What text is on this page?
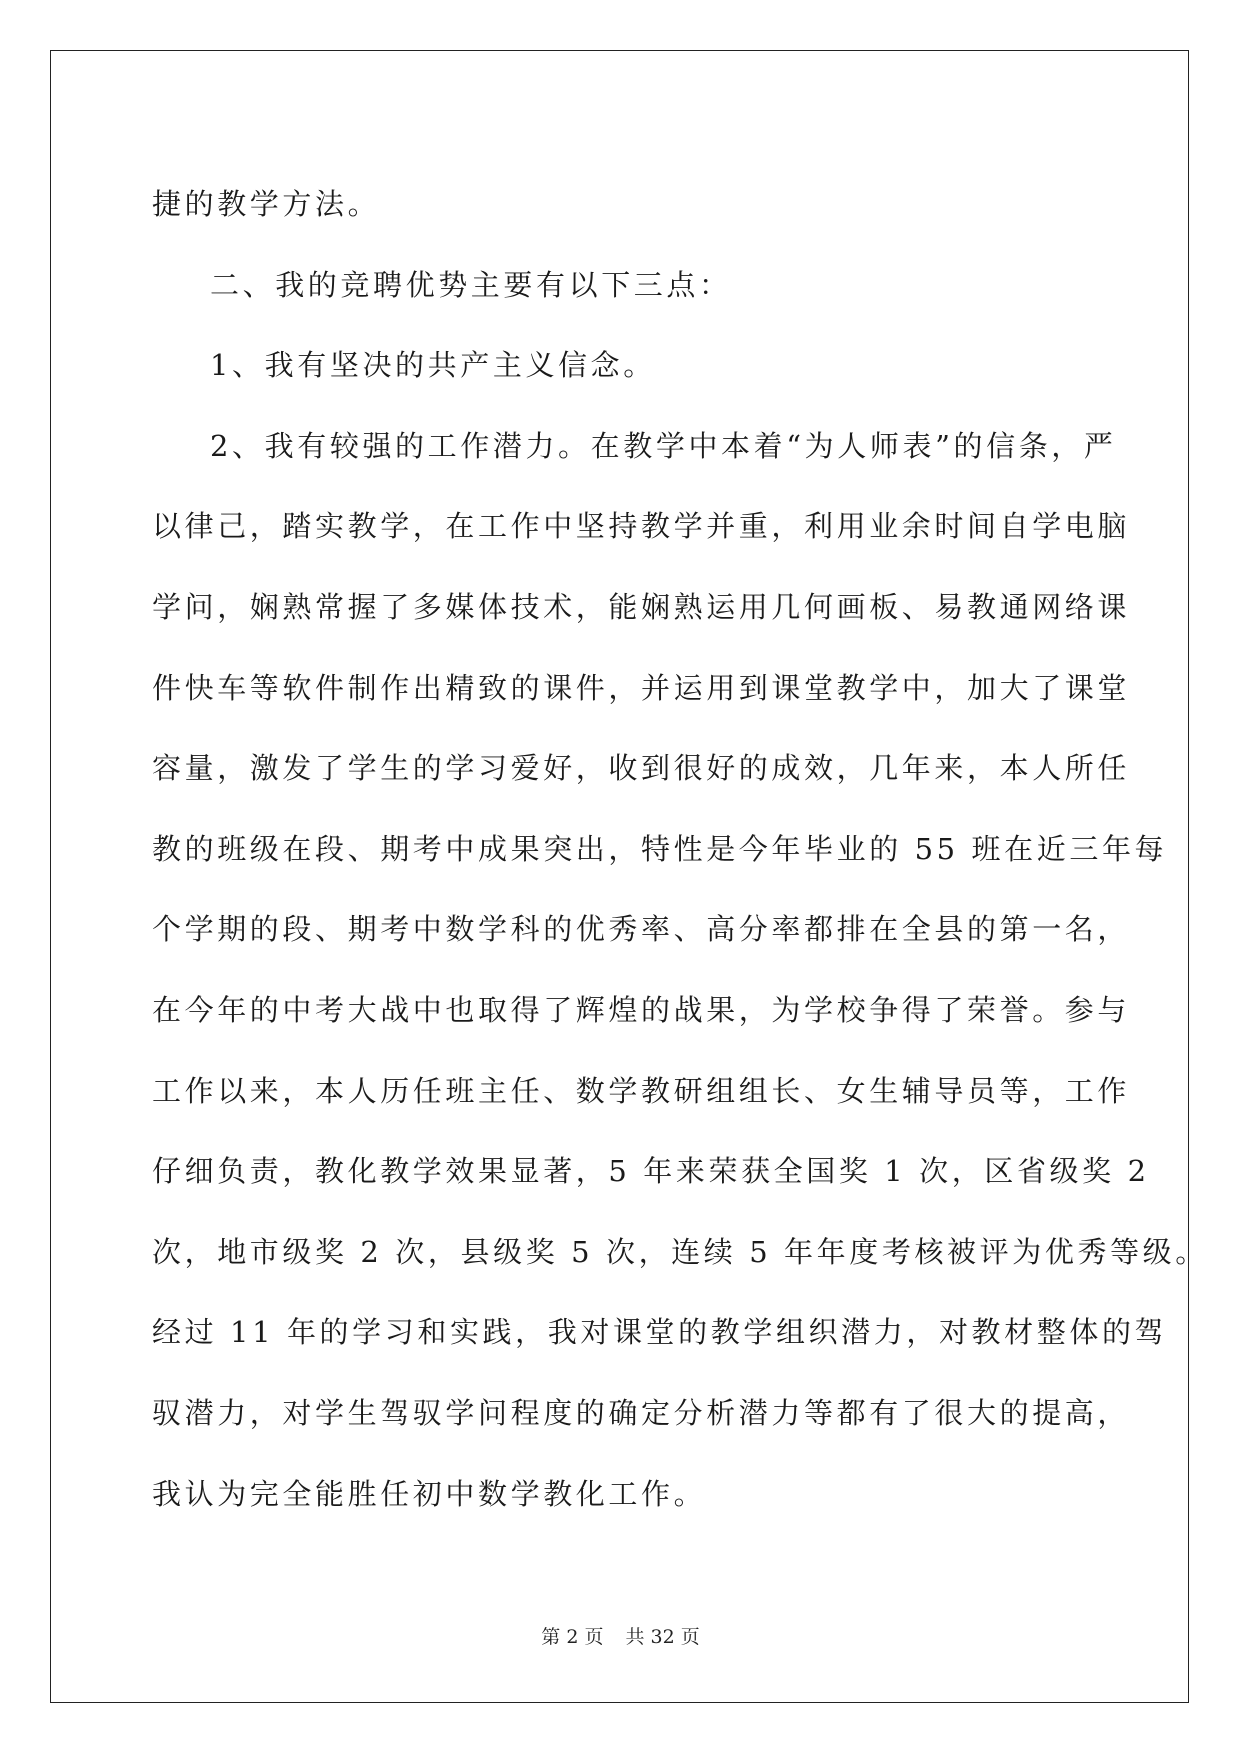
捷的教学方法。
二、我的竞聘优势主要有以下三点：
1、我有坚决的共产主义信念。
2、我有较强的工作潜力。在教学中本着“为人师表”的信条，严
以律己，踏实教学，在工作中坚持教学并重，利用业余时间自学电脑
学问，娴熟常握了多媒体技术，能娴熟运用几何画板、易教通网络课
件快车等软件制作出精致的课件，并运用到课堂教学中，加大了课堂
容量，激发了学生的学习爱好，收到很好的成效，几年来，本人所任
教的班级在段、期考中成果突出，特性是今年毕业的 55 班在近三年每
个学期的段、期考中数学科的优秀率、高分率都排在全县的第一名，
在今年的中考大战中也取得了辉煌的战果，为学校争得了荣誉。参与
工作以来，本人历任班主任、数学教研组组长、女生辅导员等，工作
仔细负责，教化教学效果显著，5 年来荣获全国奖 1 次，区省级奖 2
次，地市级奖 2 次，县级奖 5 次，连续 5 年年度考核被评为优秀等级。
经过 11 年的学习和实践，我对课堂的教学组织潜力，对教材整体的驾
驭潜力，对学生驾驭学问程度的确定分析潜力等都有了很大的提高，
我认为完全能胜任初中数学教化工作。
第 2 页 共 32 页
